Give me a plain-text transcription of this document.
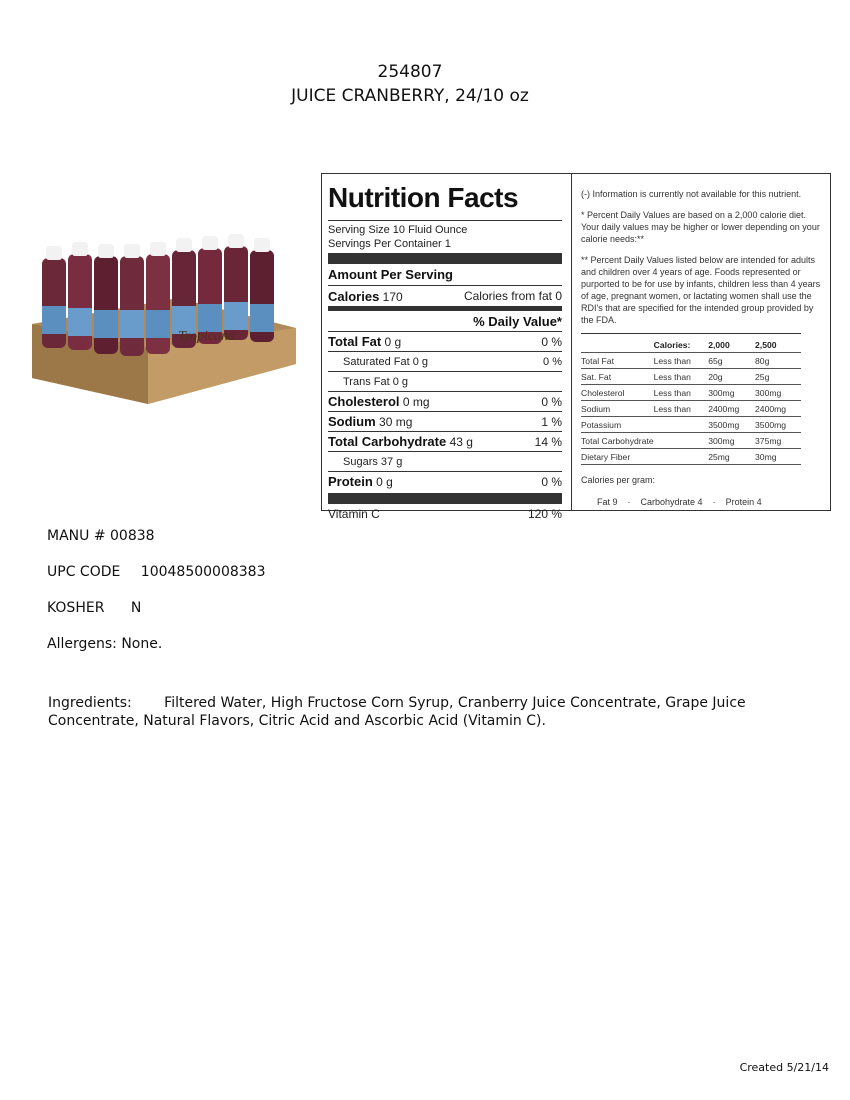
254807
JUICE CRANBERRY, 24/10 oz
Tropicana
Nutrition Facts
Serving Size 10 Fluid Ounce
Servings Per Container 1
Amount Per Serving
Calories 170	Calories from fat 0
% Daily Value*
Total Fat 0 g	0 %
Saturated Fat 0 g	0 %
Trans Fat 0 g
Cholesterol 0 mg	0 %
Sodium 30 mg	1 %
Total Carbohydrate 43 g	14 %
Sugars 37 g
Protein 0 g	0 %
Vitamin C	120 %

(-) Information is currently not available for this nutrient.

* Percent Daily Values are based on a 2,000 calorie diet. Your daily values may be higher or lower depending on your calorie needs:**

** Percent Daily Values listed below are intended for adults and children over 4 years of age. Foods represented or purported to be for use by infants, children less than 4 years of age, pregnant women, or lactating women shall use the RDI's that are specified for the intended group provided by the FDA.

	Calories:	2,000	2,500
Total Fat	Less than	65g	80g
Sat. Fat	Less than	20g	25g
Cholesterol	Less than	300mg	300mg
Sodium	Less than	2400mg	2400mg
Potassium		3500mg	3500mg
Total Carbohydrate		300mg	375mg
Dietary Fiber		25mg	30mg
Calories per gram:
Fat 9 · Carbohydrate 4 · Protein 4
MANU # 00838
UPC CODE 10048500008383
KOSHER N
Allergens: None.
Ingredients: Filtered Water, High Fructose Corn Syrup, Cranberry Juice Concentrate, Grape Juice Concentrate, Natural Flavors, Citric Acid and Ascorbic Acid (Vitamin C).
Created 5/21/14
